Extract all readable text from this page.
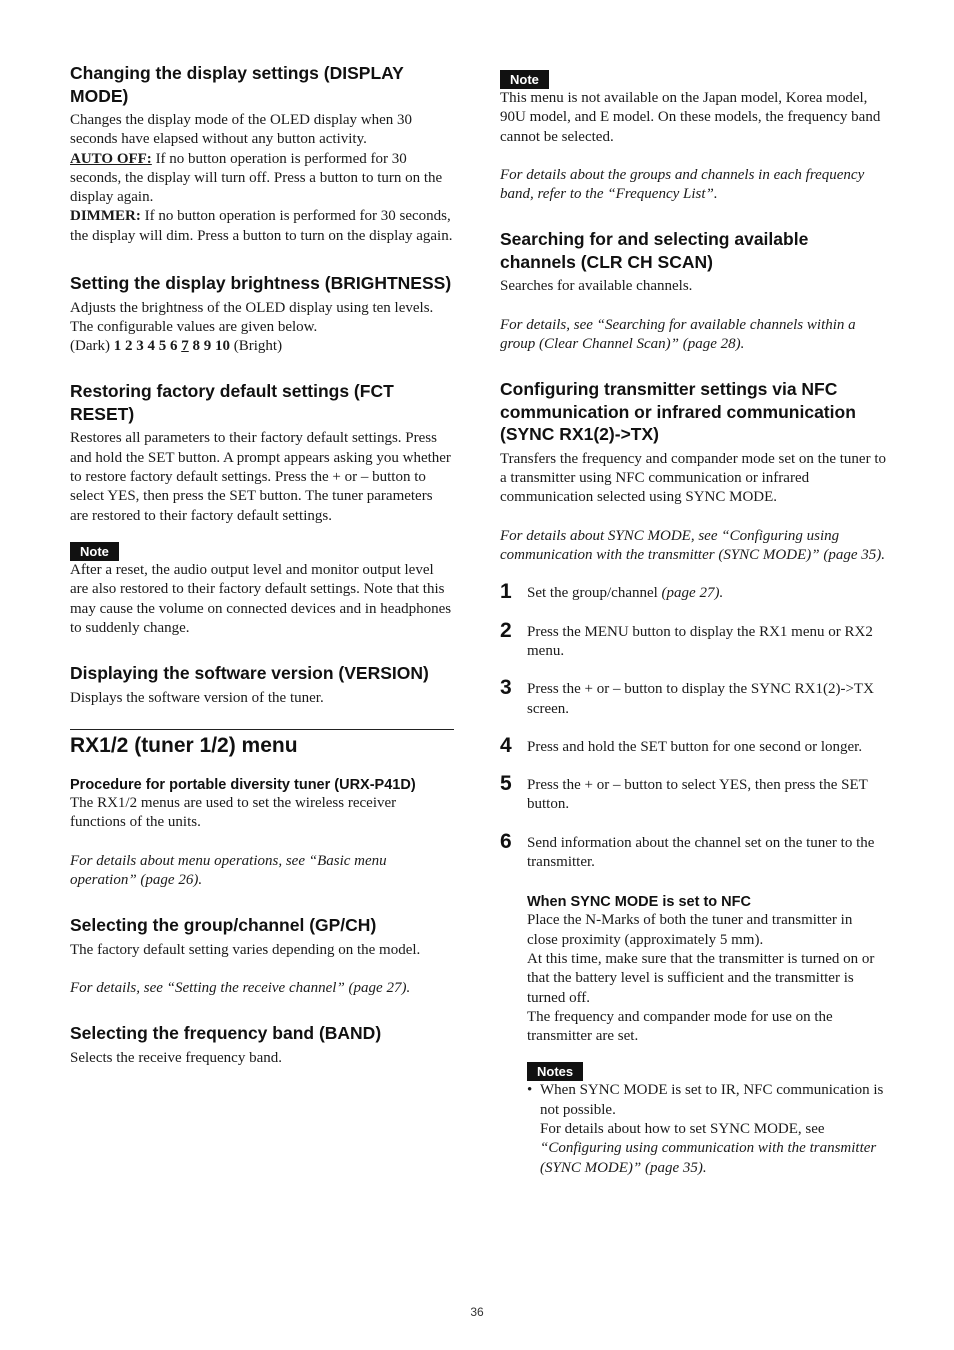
Changing the display settings (DISPLAY MODE)

Changes the display mode of the OLED display when 30 seconds have elapsed without any button activity.

AUTO OFF: If no button operation is performed for 30 seconds, the display will turn off. Press a button to turn on the display again.

DIMMER: If no button operation is performed for 30 seconds, the display will dim. Press a button to turn on the display again.

Setting the display brightness (BRIGHTNESS)

Adjusts the brightness of the OLED display using ten levels. The configurable values are given below.

(Dark) 1 2 3 4 5 6 7 8 9 10 (Bright)

Restoring factory default settings (FCT RESET)

Restores all parameters to their factory default settings. Press and hold the SET button. A prompt appears asking you whether to restore factory default settings. Press the + or – button to select YES, then press the SET button. The tuner parameters are restored to their factory default settings.

Note

After a reset, the audio output level and monitor output level are also restored to their factory default settings. Note that this may cause the volume on connected devices and in headphones to suddenly change.

Displaying the software version (VERSION)

Displays the software version of the tuner.

RX1/2 (tuner 1/2) menu
Procedure for portable diversity tuner (URX-P41D)

The RX1/2 menus are used to set the wireless receiver functions of the units.

For details about menu operations, see “Basic menu operation” (page 26).

Selecting the group/channel (GP/CH)

The factory default setting varies depending on the model.

For details, see “Setting the receive channel” (page 27).

Selecting the frequency band (BAND)

Selects the receive frequency band.

Note

This menu is not available on the Japan model, Korea model, 90U model, and E model. On these models, the frequency band cannot be selected.

For details about the groups and channels in each frequency band, refer to the “Frequency List”.

Searching for and selecting available channels (CLR CH SCAN)

Searches for available channels.

For details, see “Searching for available channels within a group (Clear Channel Scan)” (page 28).

Configuring transmitter settings via NFC communication or infrared communication (SYNC RX1(2)->TX)

Transfers the frequency and compander mode set on the tuner to a transmitter using NFC communication or infrared communication selected using SYNC MODE.

For details about SYNC MODE, see “Configuring using communication with the transmitter (SYNC MODE)” (page 35).

1 Set the group/channel (page 27).

2 Press the MENU button to display the RX1 menu or RX2 menu.

3 Press the + or – button to display the SYNC RX1(2)->TX screen.

4 Press and hold the SET button for one second or longer.

5 Press the + or – button to select YES, then press the SET button.

6 Send information about the channel set on the tuner to the transmitter.

When SYNC MODE is set to NFC

Place the N-Marks of both the tuner and transmitter in close proximity (approximately 5 mm).

At this time, make sure that the transmitter is turned on or that the battery level is sufficient and the transmitter is turned off.

The frequency and compander mode for use on the transmitter are set.

Notes
• When SYNC MODE is set to IR, NFC communication is not possible.

For details about how to set SYNC MODE, see “Configuring using communication with the transmitter (SYNC MODE)” (page 35).

36
